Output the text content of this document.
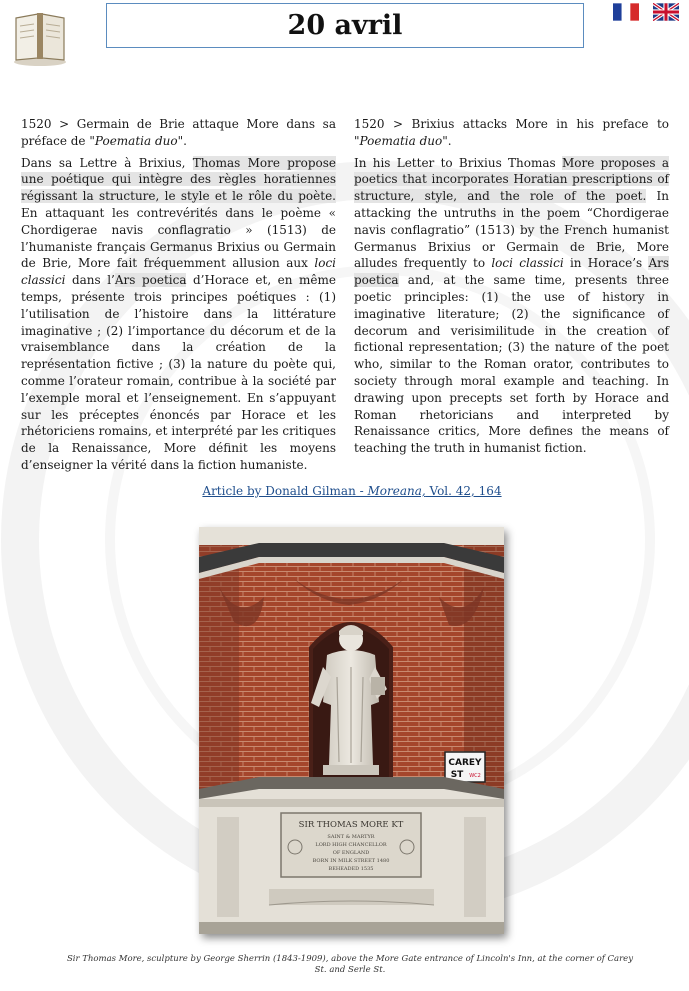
20 avril

1520 > Germain de Brie attaque More dans sa préface de "Poematia duo".

Dans sa Lettre à Brixius, Thomas More propose une poétique qui intègre des règles horatiennes régissant la structure, le style et le rôle du poète. En attaquant les contrevérités dans le poème « Chordigerae navis conflagratio » (1513) de l’humaniste français Germanus Brixius ou Germain de Brie, More fait fréquemment allusion aux loci classici dans l’Ars poetica d’Horace et, en même temps, présente trois principes poétiques : (1) l’utilisation de l’histoire dans la littérature imaginative ; (2) l’importance du décorum et de la vraisemblance dans la création de la représentation fictive ; (3) la nature du poète qui, comme l’orateur romain, contribue à la société par l’exemple moral et l’enseignement. En s’appuyant sur les préceptes énoncés par Horace et les rhétoriciens romains, et interprété par les critiques de la Renaissance, More définit les moyens d’enseigner la vérité dans la fiction humaniste.

1520 > Brixius attacks More in his preface to "Poematia duo".

In his Letter to Brixius Thomas More proposes a poetics that incorporates Horatian prescriptions of structure, style, and the role of the poet. In attacking the untruths in the poem “Chordigerae navis conflagratio” (1513) by the French humanist Germanus Brixius or Germain de Brie, More alludes frequently to loci classici in Horace’s Ars poetica and, at the same time, presents three poetic principles: (1) the use of history in imaginative literature; (2) the significance of decorum and verisimilitude in the creation of fictional representation; (3) the nature of the poet who, similar to the Roman orator, contributes to society through moral example and teaching. In drawing upon precepts set forth by Horace and Roman rhetoricians and interpreted by Renaissance critics, More defines the means of teaching the truth in humanist fiction.

Article by Donald Gilman - Moreana, Vol. 42, 164
CAREY
ST WC2
SIR THOMAS MORE KT
SAINT & MARTYR
LORD HIGH CHANCELLOR
OF ENGLAND
BORN IN MILK STREET 1480
BEHEADED 1535
Sir Thomas More, sculpture by George Sherrin (1843-1909), above the More Gate entrance of Lincoln's Inn, at the corner of Carey St. and Serle St.
